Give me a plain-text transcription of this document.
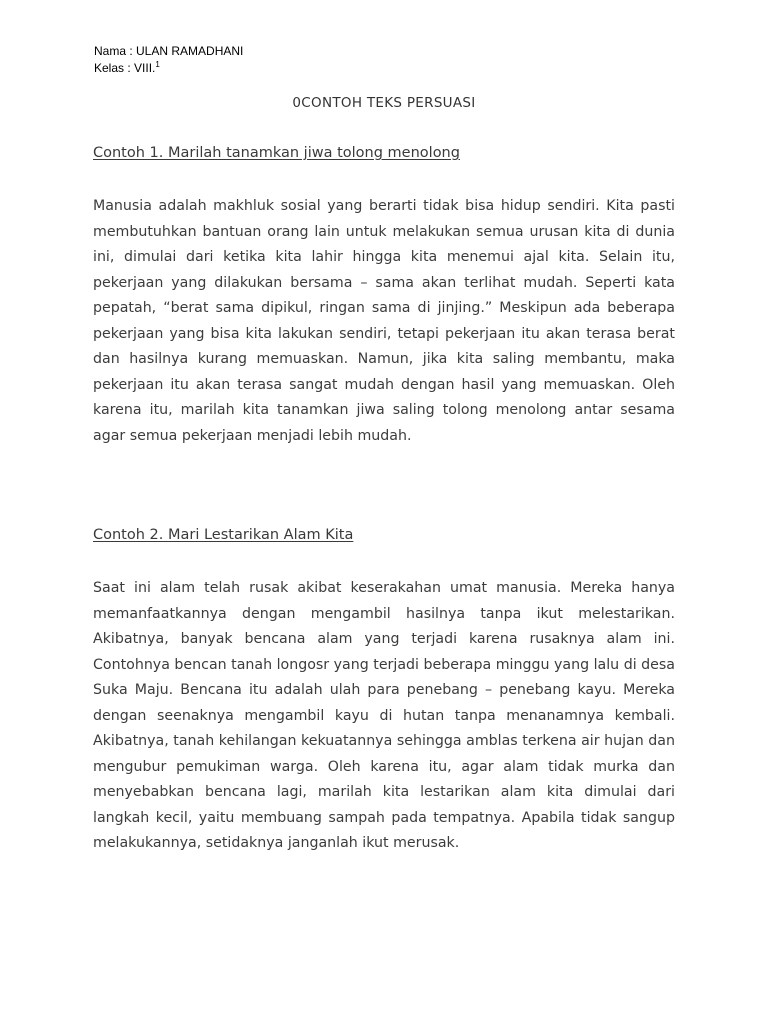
Nama : ULAN RAMADHANI
Kelas : VIII.$^1$
0CONTOH TEKS PERSUASI
Contoh 1. Marilah tanamkan jiwa tolong menolong

Manusia adalah makhluk sosial yang berarti tidak bisa hidup sendiri. Kita pasti membutuhkan bantuan orang lain untuk melakukan semua urusan kita di dunia ini, dimulai dari ketika kita lahir hingga kita menemui ajal kita. Selain itu, pekerjaan yang dilakukan bersama – sama akan terlihat mudah. Seperti kata pepatah, “berat sama dipikul, ringan sama di jinjing.” Meskipun ada beberapa pekerjaan yang bisa kita lakukan sendiri, tetapi pekerjaan itu akan terasa berat dan hasilnya kurang memuaskan. Namun, jika kita saling membantu, maka pekerjaan itu akan terasa sangat mudah dengan hasil yang memuaskan. Oleh karena itu, marilah kita tanamkan jiwa saling tolong menolong antar sesama agar semua pekerjaan menjadi lebih mudah.

Contoh 2. Mari Lestarikan Alam Kita

Saat ini alam telah rusak akibat keserakahan umat manusia. Mereka hanya memanfaatkannya dengan mengambil hasilnya tanpa ikut melestarikan. Akibatnya, banyak bencana alam yang terjadi karena rusaknya alam ini. Contohnya bencan tanah longosr yang terjadi beberapa minggu yang lalu di desa Suka Maju. Bencana itu adalah ulah para penebang – penebang kayu. Mereka dengan seenaknya mengambil kayu di hutan tanpa menanamnya kembali. Akibatnya, tanah kehilangan kekuatannya sehingga amblas terkena air hujan dan mengubur pemukiman warga. Oleh karena itu, agar alam tidak murka dan menyebabkan bencana lagi, marilah kita lestarikan alam kita dimulai dari langkah kecil, yaitu membuang sampah pada tempatnya. Apabila tidak sangup melakukannya, setidaknya janganlah ikut merusak.
